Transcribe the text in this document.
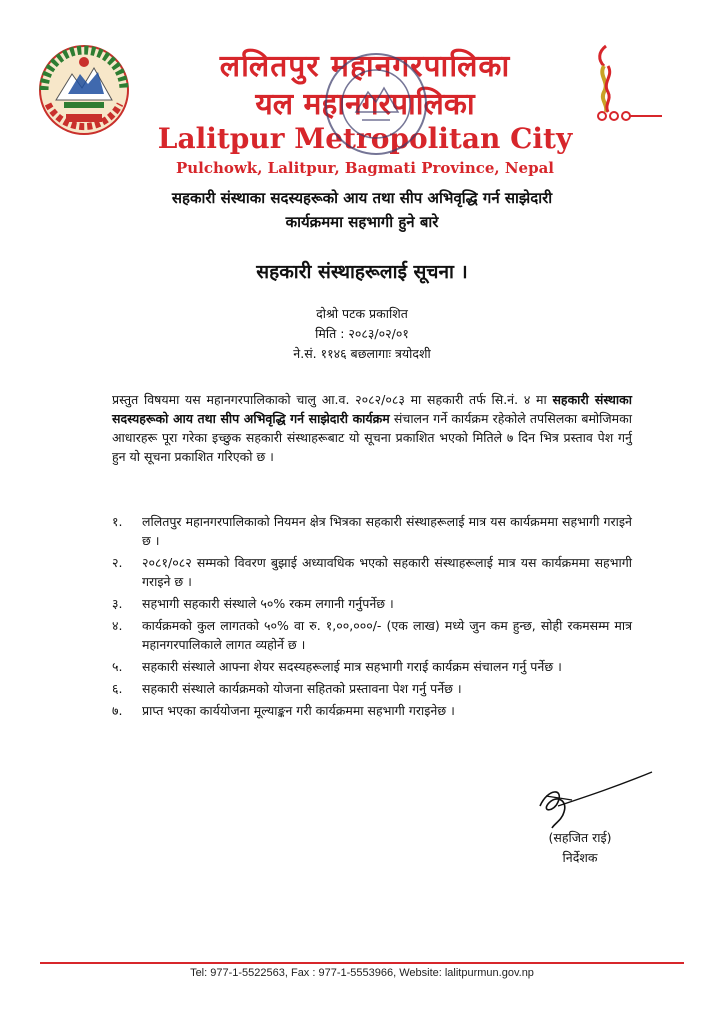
ललितपुर महानगरपालिका
यल महानगरपालिका
Lalitpur Metropolitan City
Pulchowk, Lalitpur, Bagmati Province, Nepal
सहकारी संस्थाका सदस्यहरूको आय तथा सीप अभिवृद्धि गर्न साझेदारी
कार्यक्रममा सहभागी हुने बारे
सहकारी संस्थाहरूलाई सूचना ।
दोश्रो पटक प्रकाशित
मिति : २०८३/०२/०१
ने.सं. ११४६ बछलागाः त्रयोदशी
प्रस्तुत विषयमा यस महानगरपालिकाको चालु आ.व. २०८२/०८३ मा सहकारी तर्फ सि.नं. ४ मा सहकारी संस्थाका सदस्यहरूको आय तथा सीप अभिवृद्धि गर्न साझेदारी कार्यक्रम संचालन गर्ने कार्यक्रम रहेकोले तपसिलका बमोजिमका आधारहरू पूरा गरेका इच्छुक सहकारी संस्थाहरूबाट यो सूचना प्रकाशित भएको मितिले ७ दिन भित्र प्रस्ताव पेश गर्नु हुन यो सूचना प्रकाशित गरिएको छ ।
१. ललितपुर महानगरपालिकाको नियमन क्षेत्र भित्रका सहकारी संस्थाहरूलाई मात्र यस कार्यक्रममा सहभागी गराइने छ ।
२. २०८१/०८२ सम्मको विवरण बुझाई अध्यावधिक भएको सहकारी संस्थाहरूलाई मात्र यस कार्यक्रममा सहभागी गराइने छ ।
३. सहभागी सहकारी संस्थाले ५०% रकम लगानी गर्नुपर्नेछ ।
४. कार्यक्रमको कुल लागतको ५०% वा रु. १,००,०००/- (एक लाख) मध्ये जुन कम हुन्छ, सोही रकमसम्म मात्र महानगरपालिकाले लागत व्यहोर्ने छ ।
५. सहकारी संस्थाले आफ्ना शेयर सदस्यहरूलाई मात्र सहभागी गराई कार्यक्रम संचालन गर्नु पर्नेछ ।
६. सहकारी संस्थाले कार्यक्रमको योजना सहितको प्रस्तावना पेश गर्नु पर्नेछ ।
७. प्राप्त भएका कार्ययोजना मूल्याङ्कन गरी कार्यक्रममा सहभागी गराइनेछ ।
(सहजित राई)
निर्देशक
Tel: 977-1-5522563, Fax : 977-1-5553966, Website: lalitpurmun.gov.np
